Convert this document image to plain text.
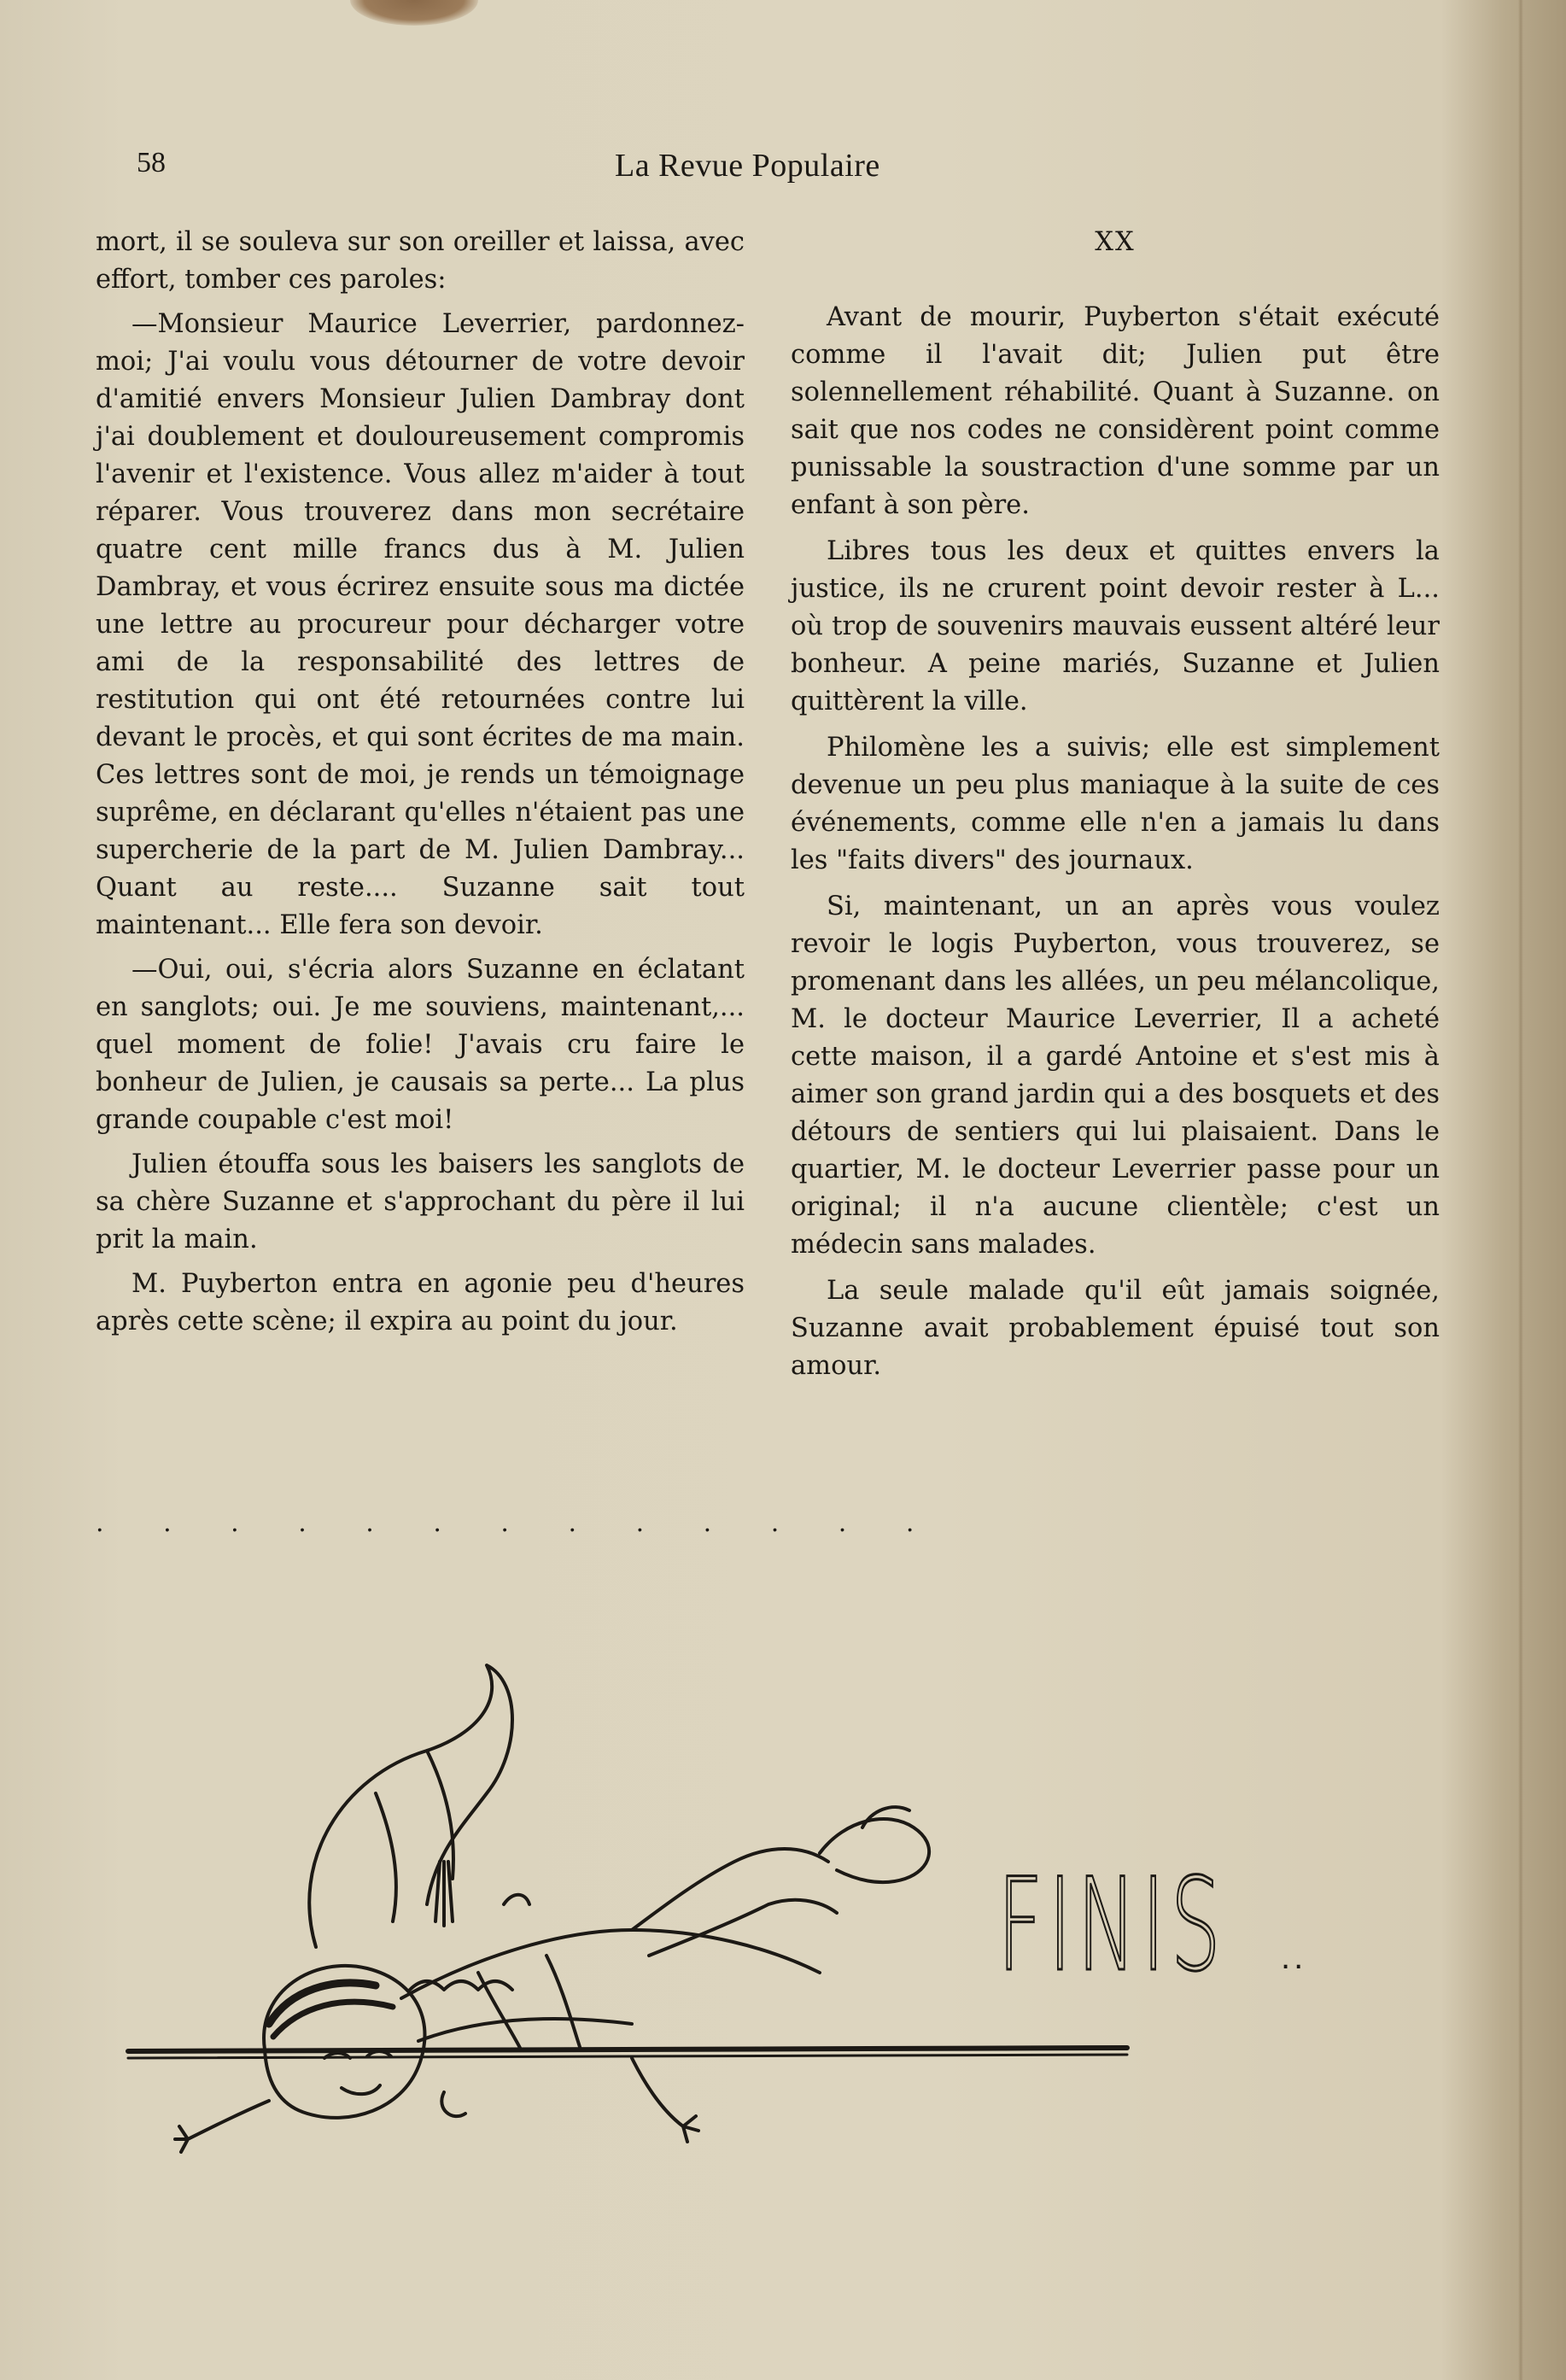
58	La Revue Populaire

mort, il se souleva sur son oreiller et laissa, avec effort, tomber ces paroles:

—Monsieur Maurice Leverrier, pardonnez-moi; J'ai voulu vous détourner de votre devoir d'amitié envers Monsieur Julien Dambray dont j'ai doublement et douloureusement compromis l'avenir et l'existence. Vous allez m'aider à tout réparer. Vous trouverez dans mon secrétaire quatre cent mille francs dus à M. Julien Dambray, et vous écrirez ensuite sous ma dictée une lettre au procureur pour décharger votre ami de la responsabilité des lettres de restitution qui ont été retournées contre lui devant le procès, et qui sont écrites de ma main. Ces lettres sont de moi, je rends un témoignage suprême, en déclarant qu'elles n'étaient pas une supercherie de la part de M. Julien Dambray... Quant au reste.... Suzanne sait tout maintenant... Elle fera son devoir.

—Oui, oui, s'écria alors Suzanne en éclatant en sanglots; oui. Je me souviens, maintenant,... quel moment de folie! J'avais cru faire le bonheur de Julien, je causais sa perte... La plus grande coupable c'est moi!

Julien étouffa sous les baisers les sanglots de sa chère Suzanne et s'approchant du père il lui prit la main.

M. Puyberton entra en agonie peu d'heures après cette scène; il expira au point du jour.

. . . . . . . . . . . . .

XX

Avant de mourir, Puyberton s'était exécuté comme il l'avait dit; Julien put être solennellement réhabilité. Quant à Suzanne. on sait que nos codes ne considèrent point comme punissable la soustraction d'une somme par un enfant à son père.

Libres tous les deux et quittes envers la justice, ils ne crurent point devoir rester à L... où trop de souvenirs mauvais eussent altéré leur bonheur. A peine mariés, Suzanne et Julien quittèrent la ville.

Philomène les a suivis; elle est simplement devenue un peu plus maniaque à la suite de ces événements, comme elle n'en a jamais lu dans les "faits divers" des journaux.

Si, maintenant, un an après vous voulez revoir le logis Puyberton, vous trouverez, se promenant dans les allées, un peu mélancolique, M. le docteur Maurice Leverrier, Il a acheté cette maison, il a gardé Antoine et s'est mis à aimer son grand jardin qui a des bosquets et des détours de sentiers qui lui plaisaient. Dans le quartier, M. le docteur Leverrier passe pour un original; il n'a aucune clientèle; c'est un médecin sans malades.

La seule malade qu'il eût jamais soignée, Suzanne avait probablement épuisé tout son amour.

FINIS ..
